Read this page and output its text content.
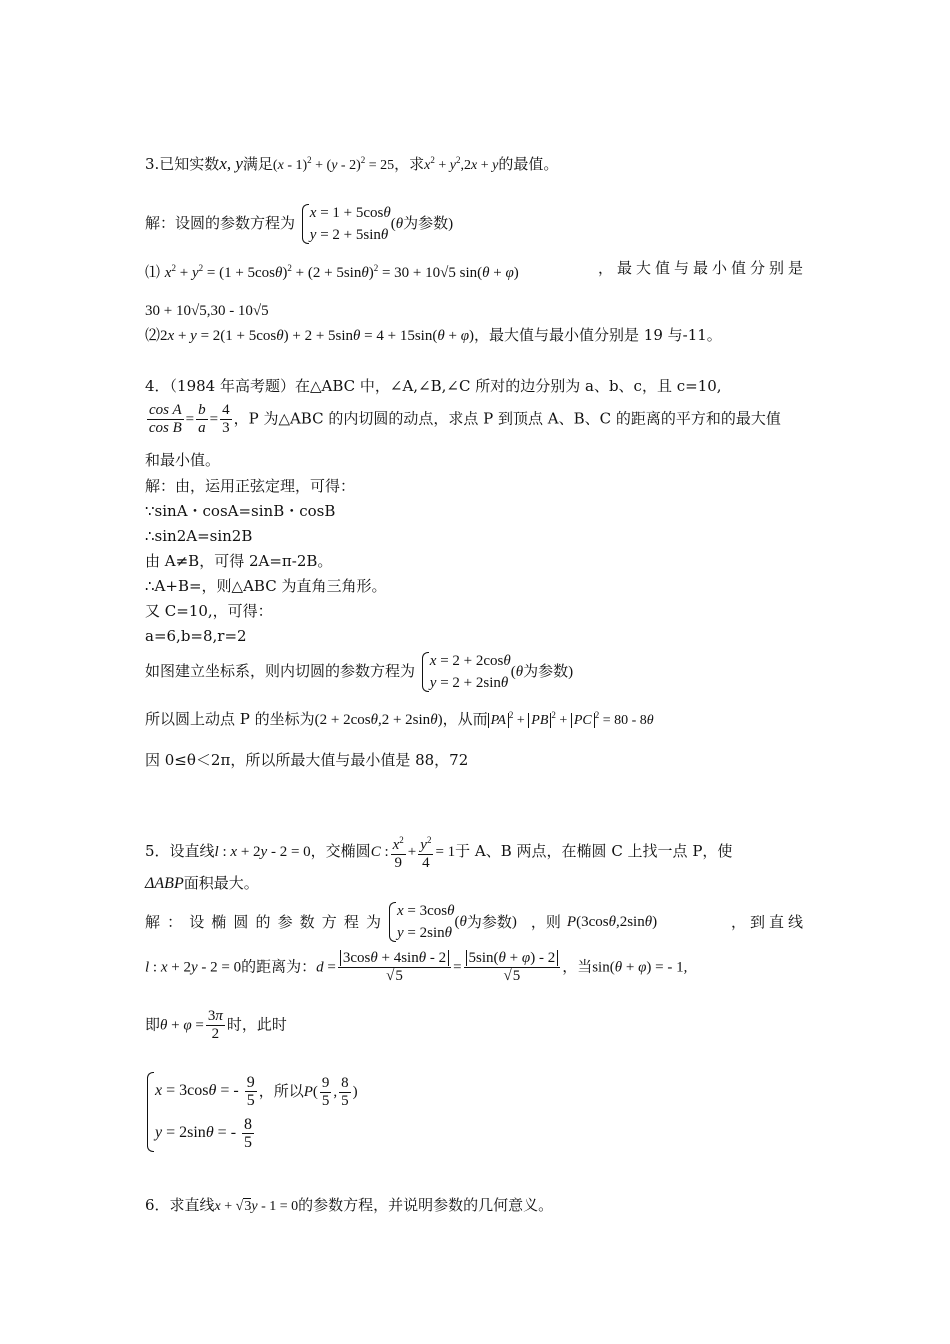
3.已知实数x, y满足(x - 1)$^2$ + (y - 2)$^2$ = 25，求$x^2 + y^2,2x + y$的最值。
解：设圆的参数方程为
x = 1 + 5cosθ
y = 2 + 5sinθ
(θ为参数)
⑴ $x^2 + y^2 = (1 + 5\cos\theta)^2 + (2 + 5\sin\theta)^2 = 30 + 10√5$ sin(θ + φ)	，最大值与最小值分别是
30 + 10√5,30 - 10√5
⑵2x + y = 2(1 + 5cosθ) + 2 + 5sinθ = 4 + 15sin(θ + φ)，最大值与最小值分别是 19 与-11。
4．（1984 年高考题）在△ABC 中，∠A,∠B,∠C 所对的边分别为 a、b、c，且 c=10,
$\frac{\text{cos A}}{\text{cos B}} = \frac{b}{a} = \frac{4}{3}$ ，P 为△ABC 的内切圆的动点，求点 P 到顶点 A、B、C 的距离的平方和的最大值
和最小值。
解：由，运用正弦定理，可得：
∵sinA・cosA=sinB・cosB
∴sin2A=sin2B
由 A≠B，可得 2A=π-2B。
∴A+B=，则△ABC 为直角三角形。
又 C=10,，可得：
a=6,b=8,r=2
如图建立坐标系，则内切圆的参数方程为
x = 2 + 2cosθ
y = 2 + 2sinθ
(θ为参数)
所以圆上动点 P 的坐标为(2 + 2cosθ,2 + 2sinθ)，从而 PA $^2$ + PB $^2$ + PC $^2$ = 80 - 8θ
因 0≤θ＜2π，所以所最大值与最小值是 88，72
5．设直线l : x + 2y - 2 = 0，交椭圆C : $\frac{x^2}{9} + \frac{y^2}{4} = 1$于 A、B 两点，在椭圆 C 上找一点 P，使
ΔABP面积最大。
解 ： 设 椭 圆 的 参 数 方 程 为
x = 3cosθ
y = 2sinθ
(θ 为参数 ) ，则 P(3cosθ,2sinθ)	，到直线
l : x + 2y - 2 = 0的距离为：$d = \frac{3\cos\theta + 4\sin\theta - 2}{√5} = \frac{5\sin(\theta + \varphi) - 2}{√5}$ ，当sin(θ + φ) = - 1,
即$\theta + \varphi = \frac{3\pi}{2}$ 时，此时
x = 3cosθ = - $\frac{9}{5}$
y = 2sinθ = - $\frac{8}{5}$
，所以$P( \frac{9}{5}$ , $\frac{8}{5}$ )
6．求直线x + √3y - 1 = 0的参数方程，并说明参数的几何意义。
